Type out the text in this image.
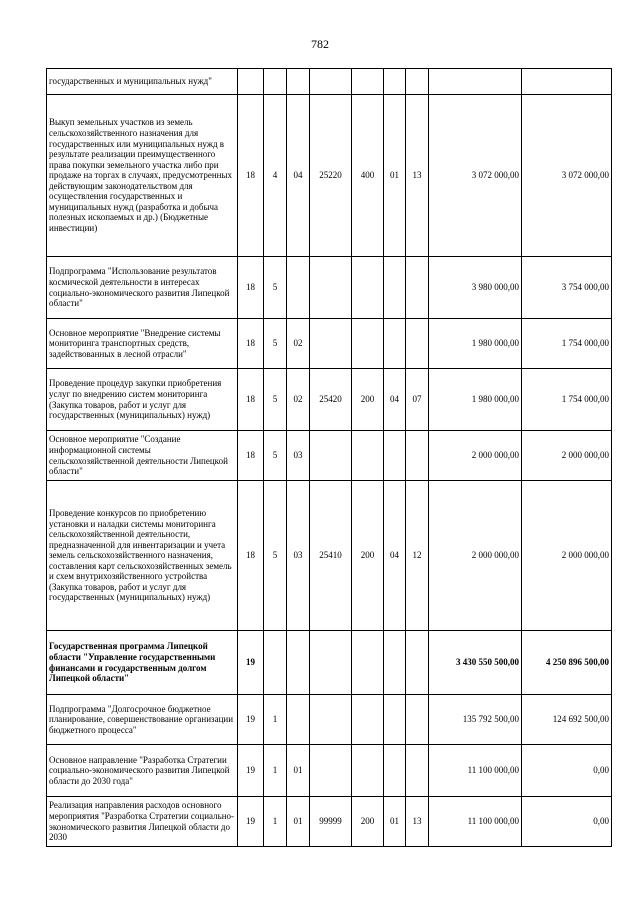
782
государственных и муниципальных нужд"									
Выкуп земельных участков из земель сельскохозяйственного назначения для государственных или муниципальных нужд в результате реализации преимущественного права покупки земельного участка либо при продаже на торгах в случаях, предусмотренных действующим законодательством для осуществления государственных и муниципальных нужд (разработка и добыча полезных ископаемых и др.) (Бюджетные инвестиции)	18	4	04	25220	400	01	13	3 072 000,00	3 072 000,00
Подпрограмма "Использование результатов космической деятельности в интересах социально-экономического развития Липецкой области"	18	5						3 980 000,00	3 754 000,00
Основное мероприятие "Внедрение системы мониторинга транспортных средств, задействованных в лесной отрасли"	18	5	02					1 980 000,00	1 754 000,00
Проведение процедур закупки приобретения услуг по внедрению систем мониторинга (Закупка товаров, работ и услуг для государственных (муниципальных) нужд)	18	5	02	25420	200	04	07	1 980 000,00	1 754 000,00
Основное мероприятие "Создание информационной системы сельскохозяйственной деятельности Липецкой области"	18	5	03					2 000 000,00	2 000 000,00
Проведение конкурсов по приобретению установки и наладки системы мониторинга сельскохозяйственной деятельности, предназначенной для инвентаризации и учета земель сельскохозяйственного назначения, составления карт сельскохозяйственных земель и схем внутрихозяйственного устройства (Закупка товаров, работ и услуг для государственных (муниципальных) нужд)	18	5	03	25410	200	04	12	2 000 000,00	2 000 000,00
Государственная программа Липецкой области "Управление государственными финансами и государственным долгом Липецкой области"	19							3 430 550 500,00	4 250 896 500,00
Подпрограмма "Долгосрочное бюджетное планирование, совершенствование организации бюджетного процесса"	19	1						135 792 500,00	124 692 500,00
Основное направление "Разработка Стратегии социально-экономического развития Липецкой области до 2030 года"	19	1	01					11 100 000,00	0,00
Реализация направления расходов основного мероприятия "Разработка Стратегии социально-экономического развития Липецкой области до 2030	19	1	01	99999	200	01	13	11 100 000,00	0,00
